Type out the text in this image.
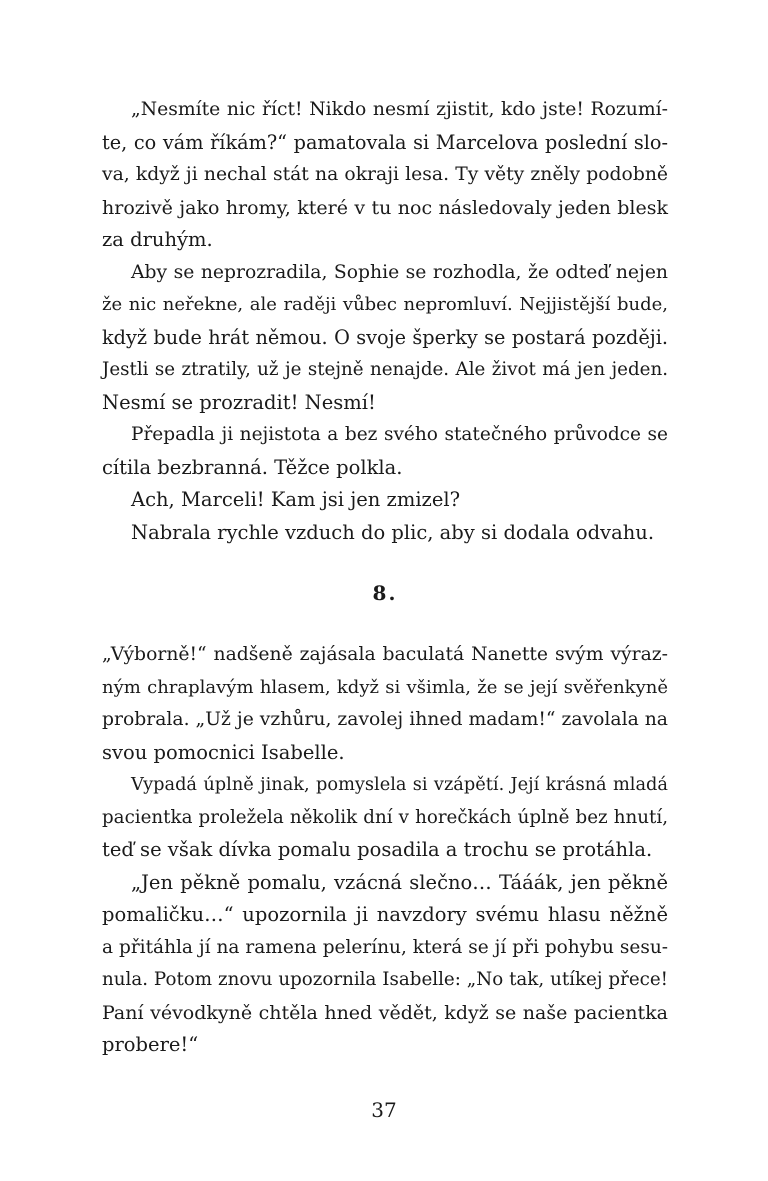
„Nesmíte nic říct! Nikdo nesmí zjistit, kdo jste! Rozumí-
te, co vám říkám?“ pamatovala si Marcelova poslední slo-
va, když ji nechal stát na okraji lesa. Ty věty zněly podobně
hrozivě jako hromy, které v tu noc následovaly jeden blesk
za druhým.
Aby se neprozradila, Sophie se rozhodla, že odteď nejen
že nic neřekne, ale raději vůbec nepromluví. Nejjistější bude,
když bude hrát němou. O svoje šperky se postará později.
Jestli se ztratily, už je stejně nenajde. Ale život má jen jeden.
Nesmí se prozradit! Nesmí!
Přepadla ji nejistota a bez svého statečného průvodce se
cítila bezbranná. Těžce polkla.
Ach, Marceli! Kam jsi jen zmizel?
Nabrala rychle vzduch do plic, aby si dodala odvahu.
8.
„Výborně!“ nadšeně zajásala baculatá Nanette svým výraz-
ným chraplavým hlasem, když si všimla, že se její svěřenkyně
probrala. „Už je vzhůru, zavolej ihned madam!“ zavolala na
svou pomocnici Isabelle.
Vypadá úplně jinak, pomyslela si vzápětí. Její krásná mladá
pacientka proležela několik dní v horečkách úplně bez hnutí,
teď se však dívka pomalu posadila a trochu se protáhla.
„Jen pěkně pomalu, vzácná slečno… Tááák, jen pěkně
pomaličku…“ upozornila ji navzdory svému hlasu něžně
a přitáhla jí na ramena pelerínu, která se jí při pohybu sesu-
nula. Potom znovu upozornila Isabelle: „No tak, utíkej přece!
Paní vévodkyně chtěla hned vědět, když se naše pacientka
probere!“
37
